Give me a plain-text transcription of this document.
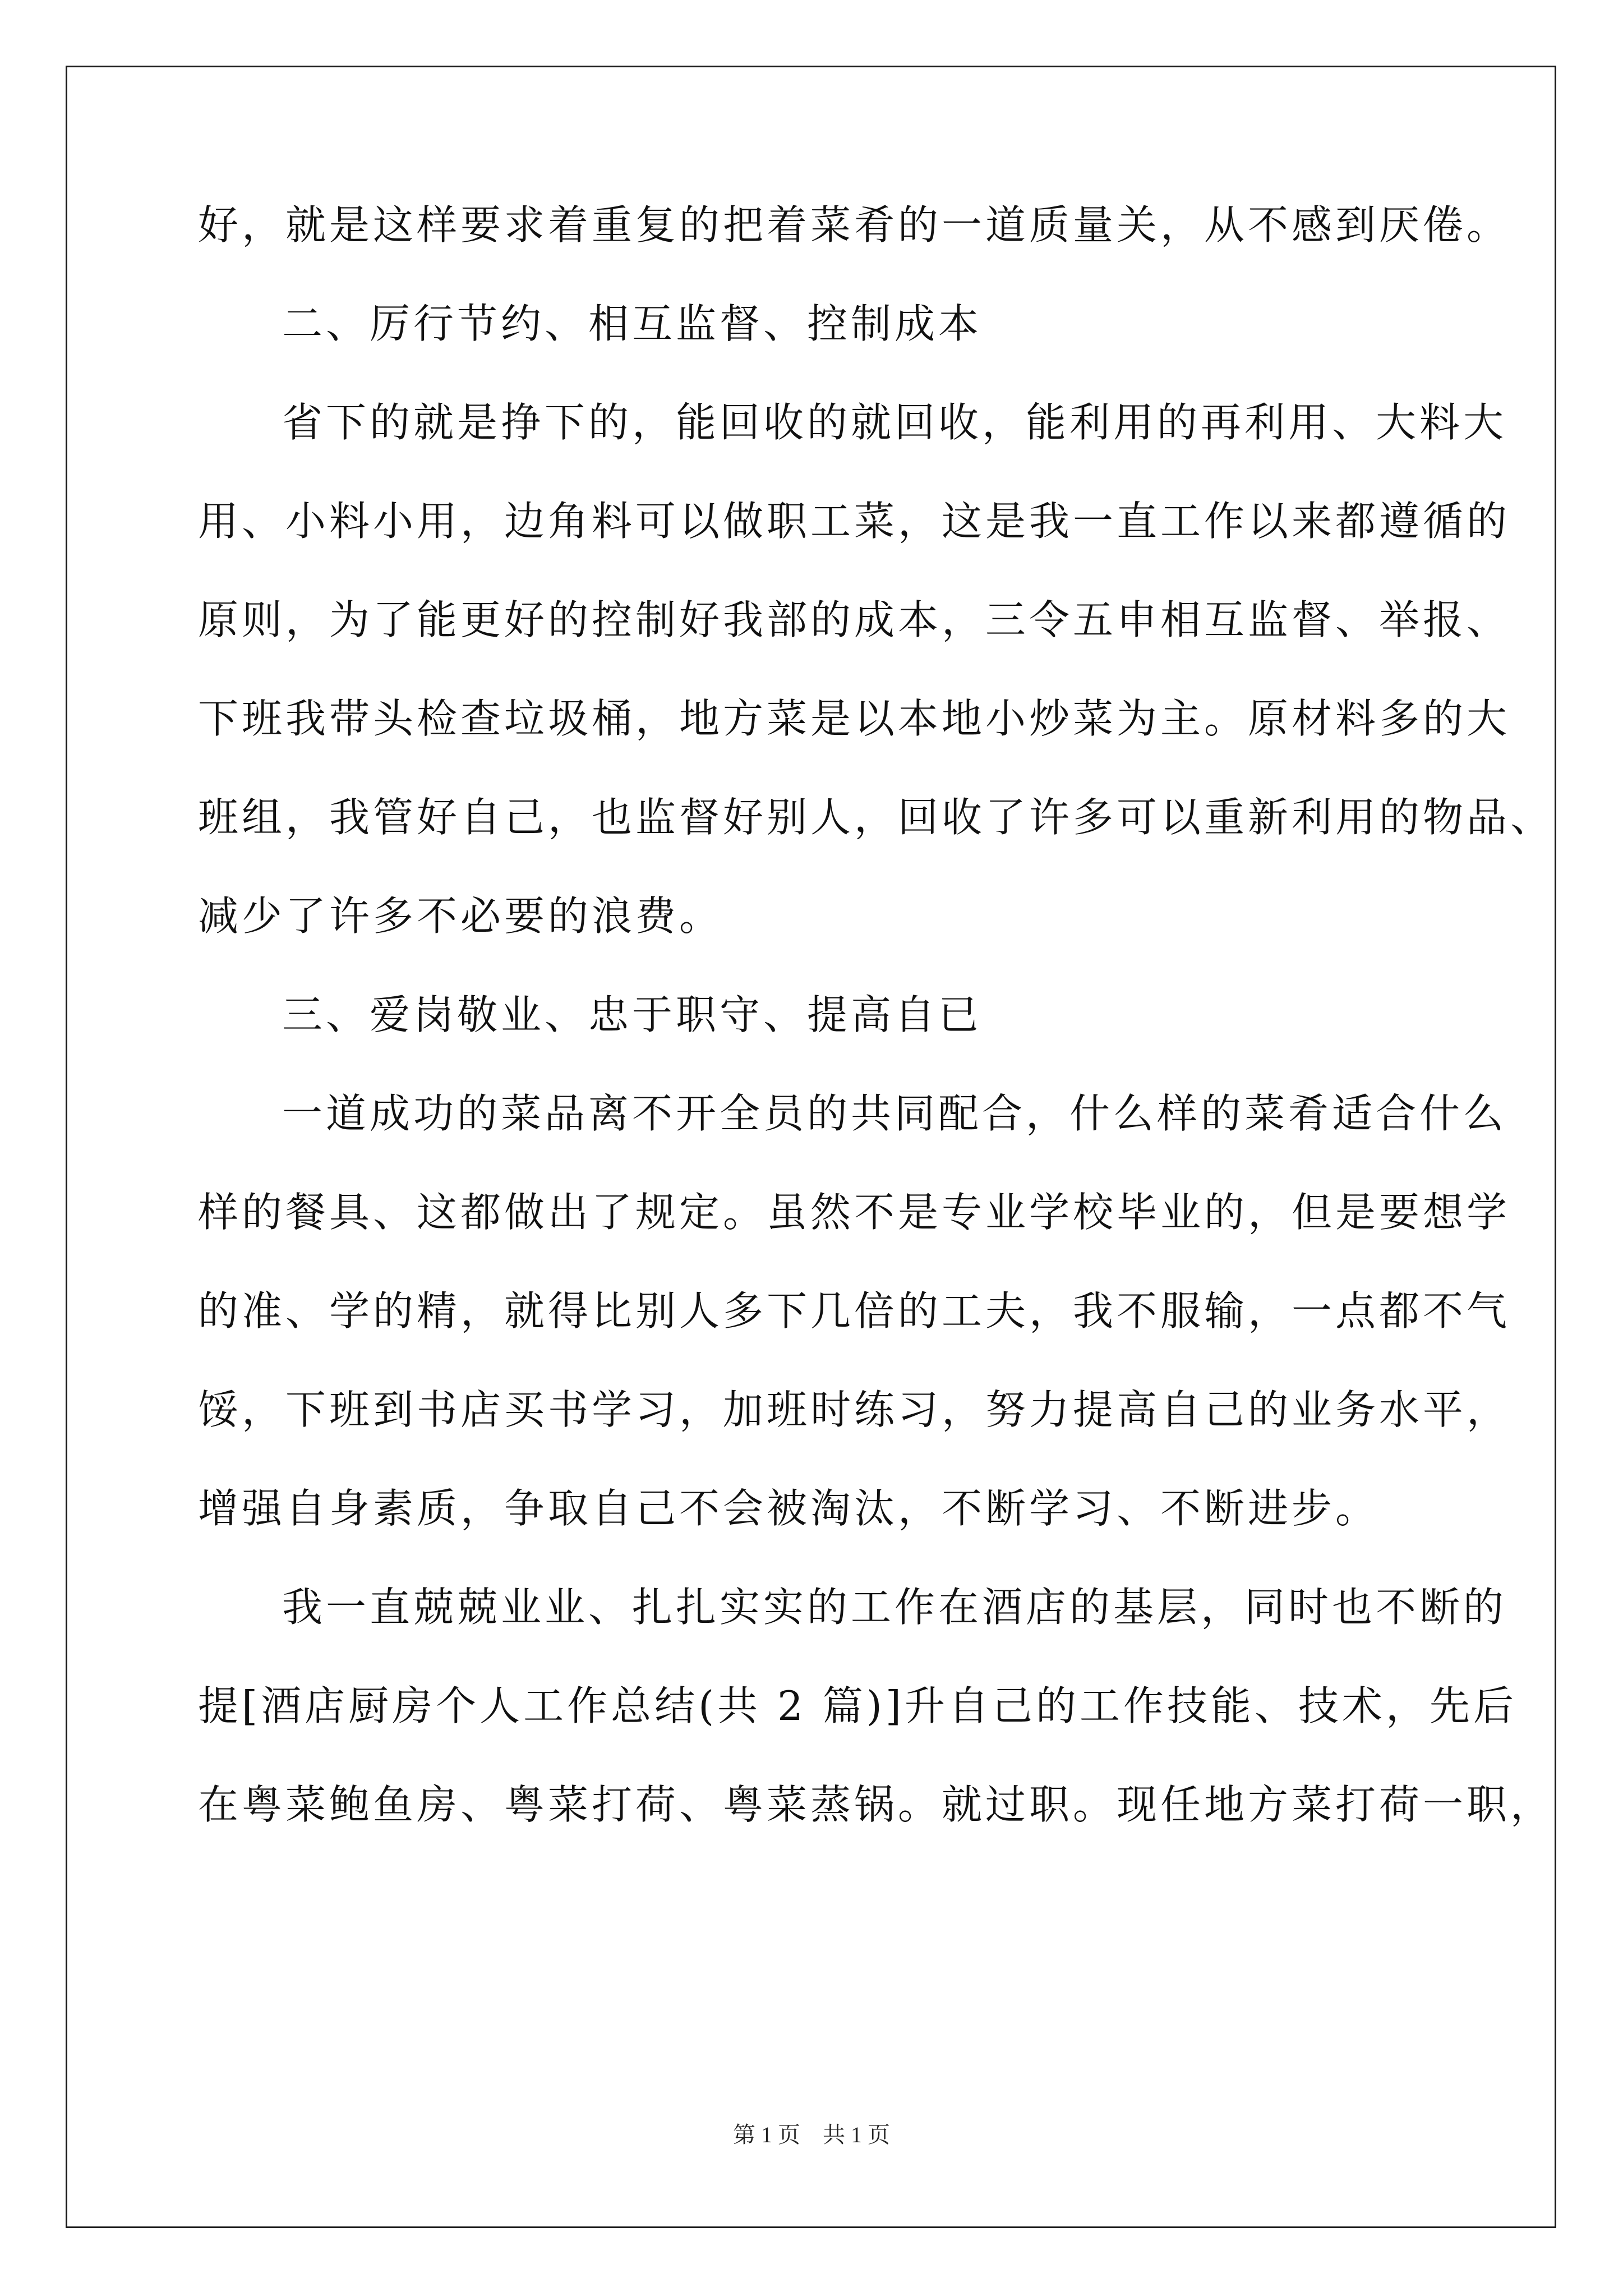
好，就是这样要求着重复的把着菜肴的一道质量关，从不感到厌倦。
二、厉行节约、相互监督、控制成本
省下的就是挣下的，能回收的就回收，能利用的再利用、大料大
用、小料小用，边角料可以做职工菜，这是我一直工作以来都遵循的
原则，为了能更好的控制好我部的成本，三令五申相互监督、举报、
下班我带头检查垃圾桶，地方菜是以本地小炒菜为主。原材料多的大
班组，我管好自己，也监督好别人，回收了许多可以重新利用的物品、
减少了许多不必要的浪费。
三、爱岗敬业、忠于职守、提高自已
一道成功的菜品离不开全员的共同配合，什么样的菜肴适合什么
样的餐具、这都做出了规定。虽然不是专业学校毕业的，但是要想学
的准、学的精，就得比别人多下几倍的工夫，我不服输，一点都不气
馁，下班到书店买书学习，加班时练习，努力提高自己的业务水平，
增强自身素质，争取自己不会被淘汰，不断学习、不断进步。
我一直兢兢业业、扎扎实实的工作在酒店的基层，同时也不断的
提[酒店厨房个人工作总结(共 2 篇)]升自己的工作技能、技术，先后
在粤菜鲍鱼房、粤菜打荷、粤菜蒸锅。就过职。现任地方菜打荷一职，
第 1 页　共 1 页
